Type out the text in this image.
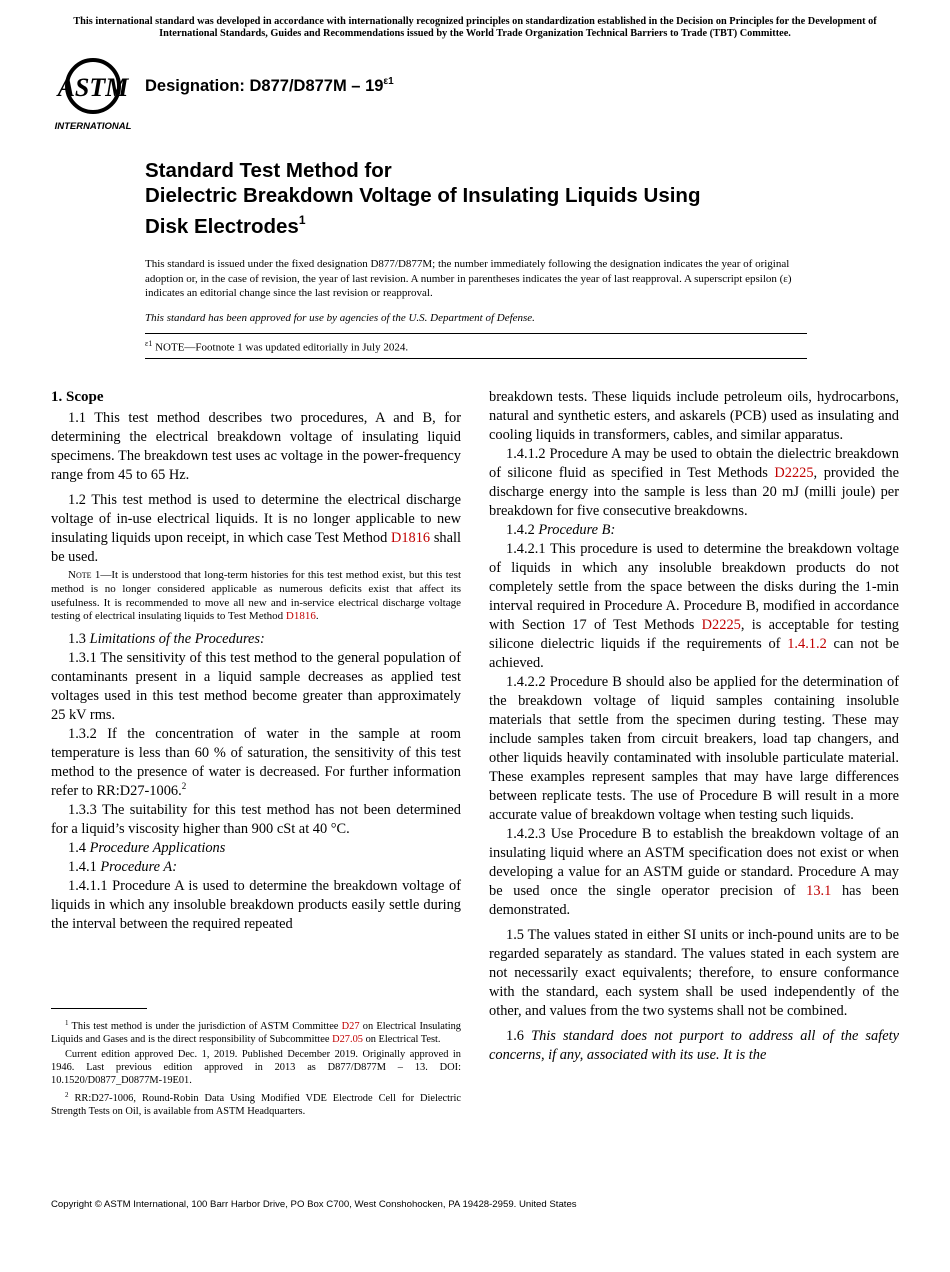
This international standard was developed in accordance with internationally recognized principles on standardization established in the Decision on Principles for the Development of International Standards, Guides and Recommendations issued by the World Trade Organization Technical Barriers to Trade (TBT) Committee.
ASTM
INTERNATIONAL
Designation: $D877/D877M - 19^{\varepsilon 1}$
Standard Test Method for
Dielectric Breakdown Voltage of Insulating Liquids Using
Disk Electrodes$^1$

This standard is issued under the fixed designation D877/D877M; the number immediately following the designation indicates the year of original adoption or, in the case of revision, the year of last revision. A number in parentheses indicates the year of last reapproval. A superscript epsilon (ε) indicates an editorial change since the last revision or reapproval.

This standard has been approved for use by agencies of the U.S. Department of Defense.

$^{\varepsilon 1}$ NOTE—Footnote 1 was updated editorially in July 2024.
1. Scope

1.1 This test method describes two procedures, A and B, for determining the electrical breakdown voltage of insulating liquid specimens. The breakdown test uses ac voltage in the power-frequency range from 45 to 65 Hz.

1.2 This test method is used to determine the electrical discharge voltage of in-use electrical liquids. It is no longer applicable to new insulating liquids upon receipt, in which case Test Method D1816 shall be used.

Note 1—It is understood that long-term histories for this test method exist, but this test method is no longer considered applicable as numerous deficits exist that affect its usefulness. It is recommended to move all new and in-service electrical discharge voltage testing of electrical insulating liquids to Test Method D1816.

1.3 Limitations of the Procedures:

1.3.1 The sensitivity of this test method to the general population of contaminants present in a liquid sample decreases as applied test voltages used in this test method become greater than approximately 25 kV rms.

1.3.2 If the concentration of water in the sample at room temperature is less than 60 % of saturation, the sensitivity of this test method to the presence of water is decreased. For further information refer to RR:D27-1006.$^2$

1.3.3 The suitability for this test method has not been determined for a liquid’s viscosity higher than 900 cSt at 40 °C.

1.4 Procedure Applications

1.4.1 Procedure A:

1.4.1.1 Procedure A is used to determine the breakdown voltage of liquids in which any insoluble breakdown products easily settle during the interval between the required repeated

$^1$ This test method is under the jurisdiction of ASTM Committee D27 on Electrical Insulating Liquids and Gases and is the direct responsibility of Subcommittee D27.05 on Electrical Test.

Current edition approved Dec. 1, 2019. Published December 2019. Originally approved in 1946. Last previous edition approved in 2013 as D877/D877M – 13. DOI: 10.1520/D0877_D0877M-19E01.

$^2$ RR:D27-1006, Round-Robin Data Using Modified VDE Electrode Cell for Dielectric Strength Tests on Oil, is available from ASTM Headquarters.

breakdown tests. These liquids include petroleum oils, hydrocarbons, natural and synthetic esters, and askarels (PCB) used as insulating and cooling liquids in transformers, cables, and similar apparatus.

1.4.1.2 Procedure A may be used to obtain the dielectric breakdown of silicone fluid as specified in Test Methods D2225, provided the discharge energy into the sample is less than 20 mJ (milli joule) per breakdown for five consecutive breakdowns.

1.4.2 Procedure B:

1.4.2.1 This procedure is used to determine the breakdown voltage of liquids in which any insoluble breakdown products do not completely settle from the space between the disks during the 1-min interval required in Procedure A. Procedure B, modified in accordance with Section 17 of Test Methods D2225, is acceptable for testing silicone dielectric liquids if the requirements of 1.4.1.2 can not be achieved.

1.4.2.2 Procedure B should also be applied for the determination of the breakdown voltage of liquid samples containing insoluble materials that settle from the specimen during testing. These may include samples taken from circuit breakers, load tap changers, and other liquids heavily contaminated with insoluble particulate material. These examples represent samples that may have large differences between replicate tests. The use of Procedure B will result in a more accurate value of breakdown voltage when testing such liquids.

1.4.2.3 Use Procedure B to establish the breakdown voltage of an insulating liquid where an ASTM specification does not exist or when developing a value for an ASTM guide or standard. Procedure A may be used once the single operator precision of 13.1 has been demonstrated.

1.5 The values stated in either SI units or inch-pound units are to be regarded separately as standard. The values stated in each system are not necessarily exact equivalents; therefore, to ensure conformance with the standard, each system shall be used independently of the other, and values from the two systems shall not be combined.

1.6 This standard does not purport to address all of the safety concerns, if any, associated with its use. It is the

Copyright © ASTM International, 100 Barr Harbor Drive, PO Box C700, West Conshohocken, PA 19428-2959. United States
